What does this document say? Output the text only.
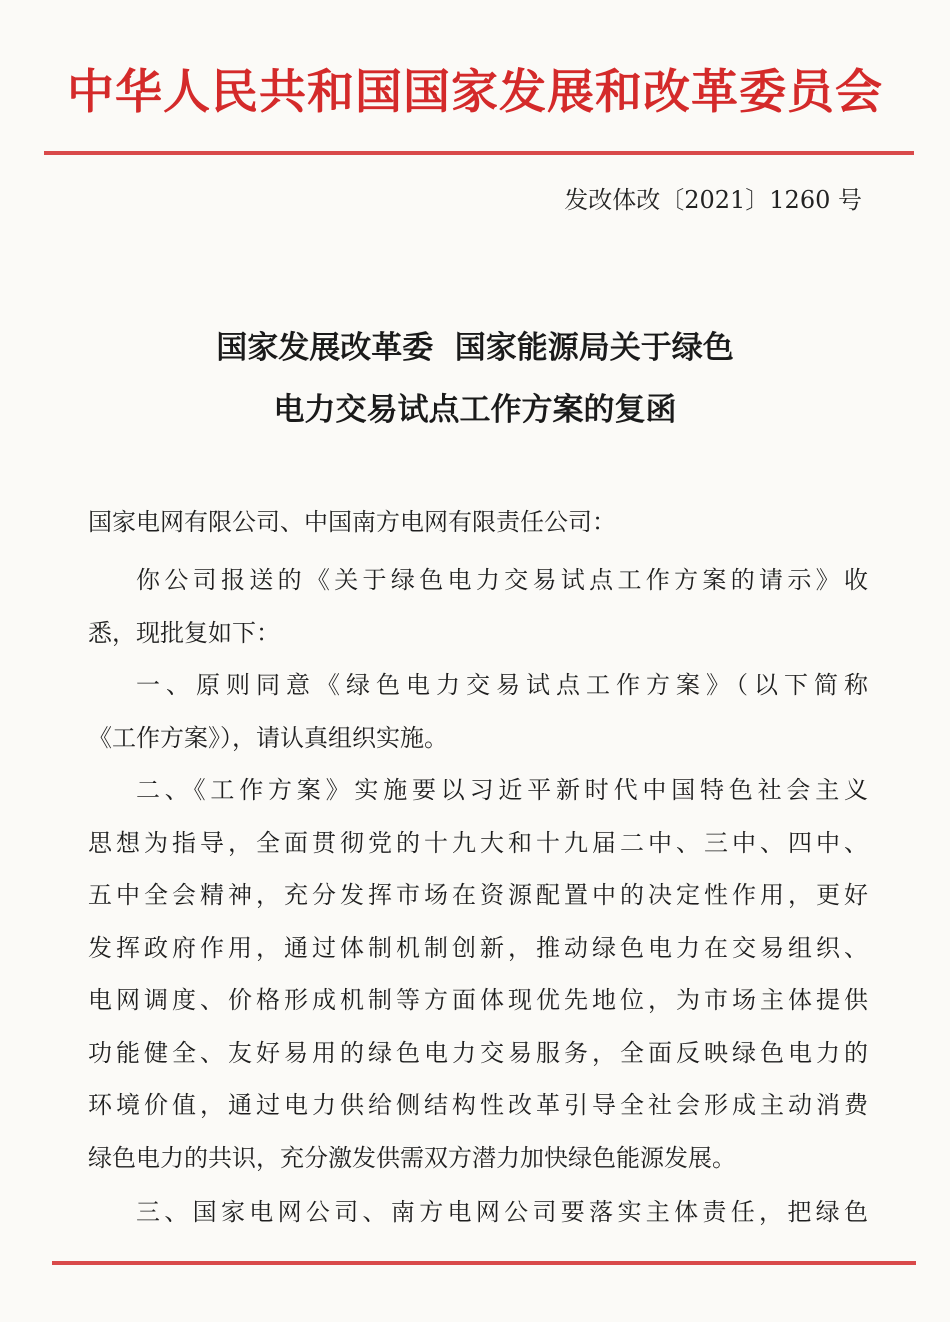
中华人民共和国国家发展和改革委员会
发改体改〔2021〕1260 号
国家发展改革委  国家能源局关于绿色
电力交易试点工作方案的复函
国家电网有限公司、中国南方电网有限责任公司：
你公司报送的《关于绿色电力交易试点工作方案的请示》收
悉，现批复如下：
一、原则同意《绿色电力交易试点工作方案》（以下简称
《工作方案》），请认真组织实施。
二、《工作方案》实施要以习近平新时代中国特色社会主义
思想为指导，全面贯彻党的十九大和十九届二中、三中、四中、
五中全会精神，充分发挥市场在资源配置中的决定性作用，更好
发挥政府作用，通过体制机制创新，推动绿色电力在交易组织、
电网调度、价格形成机制等方面体现优先地位，为市场主体提供
功能健全、友好易用的绿色电力交易服务，全面反映绿色电力的
环境价值，通过电力供给侧结构性改革引导全社会形成主动消费
绿色电力的共识，充分激发供需双方潜力加快绿色能源发展。
三、国家电网公司、南方电网公司要落实主体责任，把绿色
